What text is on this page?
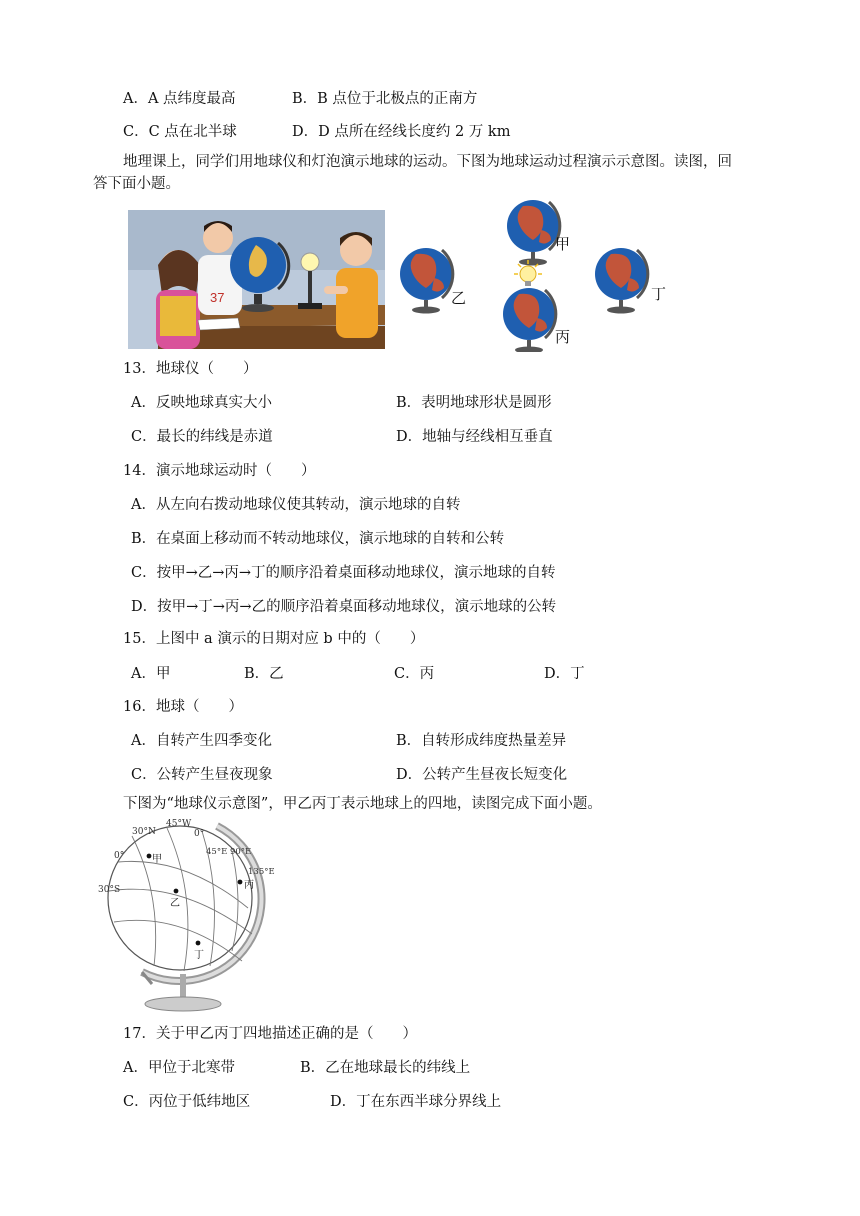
A．A 点纬度最高	B．B 点位于北极点的正南方
C．C 点在北半球	D．D 点所在经线长度约 2 万 km
地理课上，同学们用地球仪和灯泡演示地球的运动。下图为地球运动过程演示示意图。读图，回
答下面小题。
37
甲
乙
丙
丁
13．地球仪（　　）
A．反映地球真实大小	B．表明地球形状是圆形
C．最长的纬线是赤道	D．地轴与经线相互垂直
14．演示地球运动时（　　）
A．从左向右拨动地球仪使其转动，演示地球的自转
B．在桌面上移动而不转动地球仪，演示地球的自转和公转
C．按甲→乙→丙→丁的顺序沿着桌面移动地球仪，演示地球的自转
D．按甲→丁→丙→乙的顺序沿着桌面移动地球仪，演示地球的公转
15．上图中 a 演示的日期对应 b 中的（　　）
A．甲	B．乙	C．丙	D．丁
16．地球（　　）
A．自转产生四季变化	B．自转形成纬度热量差异
C．公转产生昼夜现象	D．公转产生昼夜长短变化
下图为“地球仪示意图”，甲乙丙丁表示地球上的四地，读图完成下面小题。
30°N
45°W
0°
0°	45°E 90°E
135°E
30°S
甲
乙
丙
丁
17．关于甲乙丙丁四地描述正确的是（　　）
A．甲位于北寒带	B．乙在地球最长的纬线上
C．丙位于低纬地区	D．丁在东西半球分界线上
